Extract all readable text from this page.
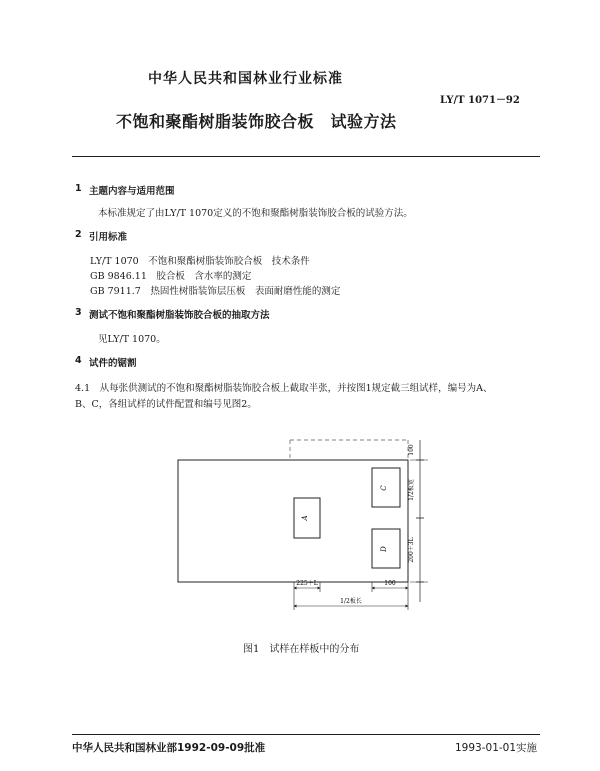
中华人民共和国林业行业标准
LY/T 1071－92
不饱和聚酯树脂装饰胶合板　试验方法
1 主题内容与适用范围
本标准规定了由LY/T 1070定义的不饱和聚酯树脂装饰胶合板的试验方法。
2 引用标准
LY/T 1070　不饱和聚酯树脂装饰胶合板　技术条件
GB 9846.11　胶合板　含水率的测定
GB 7911.7　热固性树脂装饰层压板　表面耐磨性能的测定
3 测试不饱和聚酯树脂装饰胶合板的抽取方法
见LY/T 1070。
4 试件的锯割
4.1　从每张供测试的不饱和聚酯树脂装饰胶合板上截取半张，并按图1规定截三组试样，编号为A、
B、C，各组试样的试件配置和编号见图2。
A
C
D
100
1/2板宽
200＋3L
225＋L	100
1/2板长
图1　试样在样板中的分布
中华人民共和国林业部1992-09-09批准	1993-01-01实施
